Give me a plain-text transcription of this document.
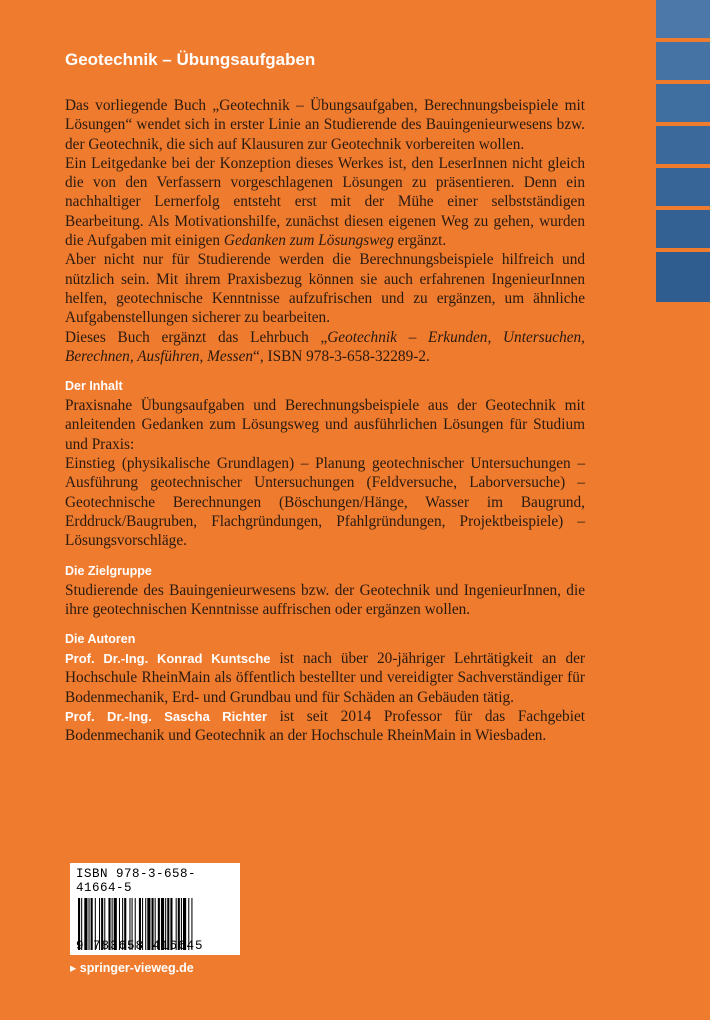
Geotechnik – Übungsaufgaben

Das vorliegende Buch „Geotechnik – Übungsaufgaben, Berechnungsbeispiele mit Lösungen“ wendet sich in erster Linie an Studierende des Bauingenieurwesens bzw. der Geotechnik, die sich auf Klausuren zur Geotechnik vorbereiten wollen.

Ein Leitgedanke bei der Konzeption dieses Werkes ist, den LeserInnen nicht gleich die von den Verfassern vorgeschlagenen Lösungen zu präsentieren. Denn ein nachhaltiger Lernerfolg entsteht erst mit der Mühe einer selbstständigen Bearbeitung. Als Motivationshilfe, zunächst diesen eigenen Weg zu gehen, wurden die Aufgaben mit einigen Gedanken zum Lösungsweg ergänzt.

Aber nicht nur für Studierende werden die Berechnungsbeispiele hilfreich und nützlich sein. Mit ihrem Praxisbezug können sie auch erfahrenen IngenieurInnen helfen, geotechnische Kenntnisse aufzufrischen und zu ergänzen, um ähnliche Aufgabenstellungen sicherer zu bearbeiten.

Dieses Buch ergänzt das Lehrbuch „Geotechnik – Erkunden, Untersuchen, Berechnen, Ausführen, Messen“, ISBN 978-3-658-32289-2.

Der Inhalt

Praxisnahe Übungsaufgaben und Berechnungsbeispiele aus der Geotechnik mit anleitenden Gedanken zum Lösungsweg und ausführlichen Lösungen für Studium und Praxis:

Einstieg (physikalische Grundlagen) – Planung geotechnischer Untersuchungen – Ausführung geotechnischer Untersuchungen (Feldversuche, Laborversuche) – Geotechnische Berechnungen (Böschungen/Hänge, Wasser im Baugrund, Erddruck/Baugruben, Flachgründungen, Pfahlgründungen, Projektbeispiele) – Lösungsvorschläge.

Die Zielgruppe

Studierende des Bauingenieurwesens bzw. der Geotechnik und IngenieurInnen, die ihre geotechnischen Kenntnisse auffrischen oder ergänzen wollen.

Die Autoren

Prof. Dr.-Ing. Konrad Kuntsche ist nach über 20-jähriger Lehrtätigkeit an der Hochschule RheinMain als öffentlich bestellter und vereidigter Sachverständiger für Bodenmechanik, Erd- und Grundbau und für Schäden an Gebäuden tätig.

Prof. Dr.-Ing. Sascha Richter ist seit 2014 Professor für das Fachgebiet Bodenmechanik und Geotechnik an der Hochschule RheinMain in Wiesbaden.

ISBN 978-3-658-41664-5
9 783658 416645
▸ springer-vieweg.de
